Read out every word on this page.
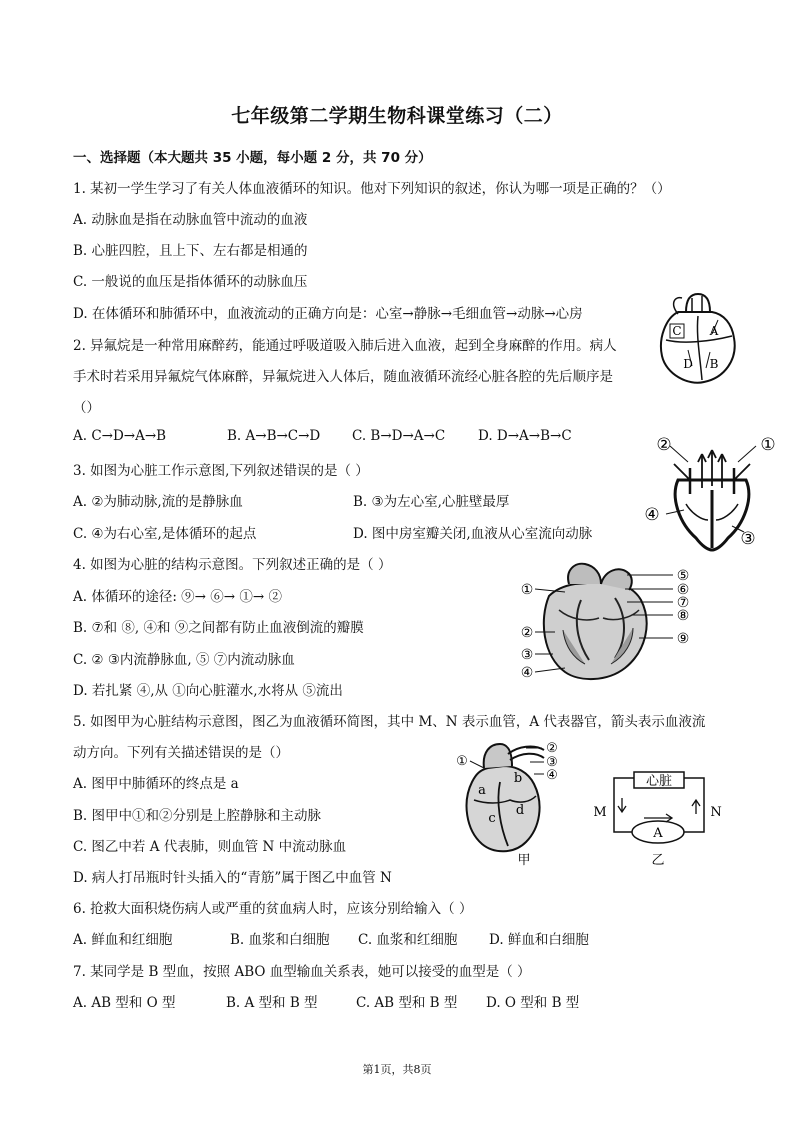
七年级第二学期生物科课堂练习（二）
一、选择题（本大题共 35 小题，每小题 2 分，共 70 分）
1. 某初一学生学习了有关人体血液循环的知识。他对下列知识的叙述，你认为哪一项是正确的？（）
A. 动脉血是指在动脉血管中流动的血液
B. 心脏四腔，且上下、左右都是相通的
C. 一般说的血压是指体循环的动脉血压
D. 在体循环和肺循环中，血液流动的正确方向是：心室→静脉→毛细血管→动脉→心房
2. 异氟烷是一种常用麻醉药，能通过呼吸道吸入肺后进入血液，起到全身麻醉的作用。病人
手术时若采用异氟烷气体麻醉，异氟烷进入人体后，随血液循环流经心脏各腔的先后顺序是
（）
A. C→D→A→B	B. A→B→C→D C. B→D→A→C D. D→A→B→C
C A
D B
3. 如图为心脏工作示意图,下列叙述错误的是（ ）
A. ②为肺动脉,流的是静脉血	B. ③为左心室,心脏壁最厚
C. ④为右心室,是体循环的起点	D. 图中房室瓣关闭,血液从心室流向动脉
②	①
④
③
4. 如图为心脏的结构示意图。下列叙述正确的是（ ）
A. 体循环的途径: ⑨→ ⑥→ ①→ ②
B. ⑦和 ⑧, ④和 ⑨之间都有防止血液倒流的瓣膜
C. ② ③内流静脉血, ⑤ ⑦内流动脉血
D. 若扎紧 ④,从 ①向心脏灌水,水将从 ⑤流出
①
②
③
④
⑤
⑥
⑦
⑧
⑨
5. 如图甲为心脏结构示意图，图乙为血液循环简图，其中 M、N 表示血管，A 代表器官，箭头表示血液流
动方向。下列有关描述错误的是（）
A. 图甲中肺循环的终点是 a
B. 图甲中①和②分别是上腔静脉和主动脉
C. 图乙中若 A 代表肺，则血管 N 中流动脉血
D. 病人打吊瓶时针头插入的“青筋”属于图乙中血管 N
①
②
③
④
a
b
c
d
甲
心脏
A
M	N
乙
6. 抢救大面积烧伤病人或严重的贫血病人时，应该分别给输入（ ）
A. 鲜血和红细胞	B. 血浆和白细胞 C. 血浆和红细胞 D. 鲜血和白细胞
7. 某同学是 B 型血，按照 ABO 血型输血关系表，她可以接受的血型是（ ）
A. AB 型和 O 型	B. A 型和 B 型	C. AB 型和 B 型 D. O 型和 B 型
第1页，共8页
